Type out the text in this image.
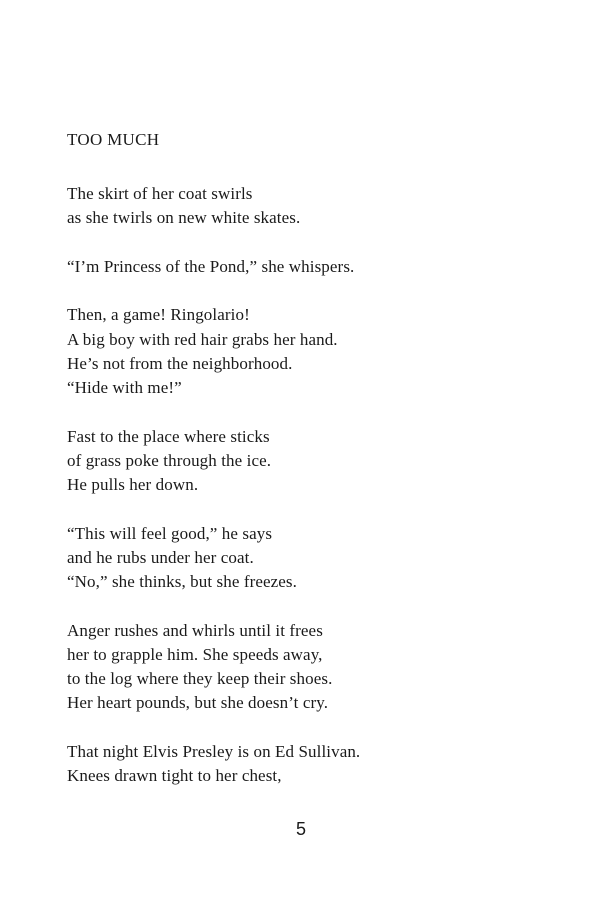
TOO MUCH
The skirt of her coat swirls
as she twirls on new white skates.
“I’m Princess of the Pond,” she whispers.
Then, a game! Ringolario!
A big boy with red hair grabs her hand.
He’s not from the neighborhood.
“Hide with me!”
Fast to the place where sticks
of grass poke through the ice.
He pulls her down.
“This will feel good,” he says
and he rubs under her coat.
“No,” she thinks, but she freezes.
Anger rushes and whirls until it frees
her to grapple him. She speeds away,
to the log where they keep their shoes.
Her heart pounds, but she doesn’t cry.
That night Elvis Presley is on Ed Sullivan.
Knees drawn tight to her chest,
5
